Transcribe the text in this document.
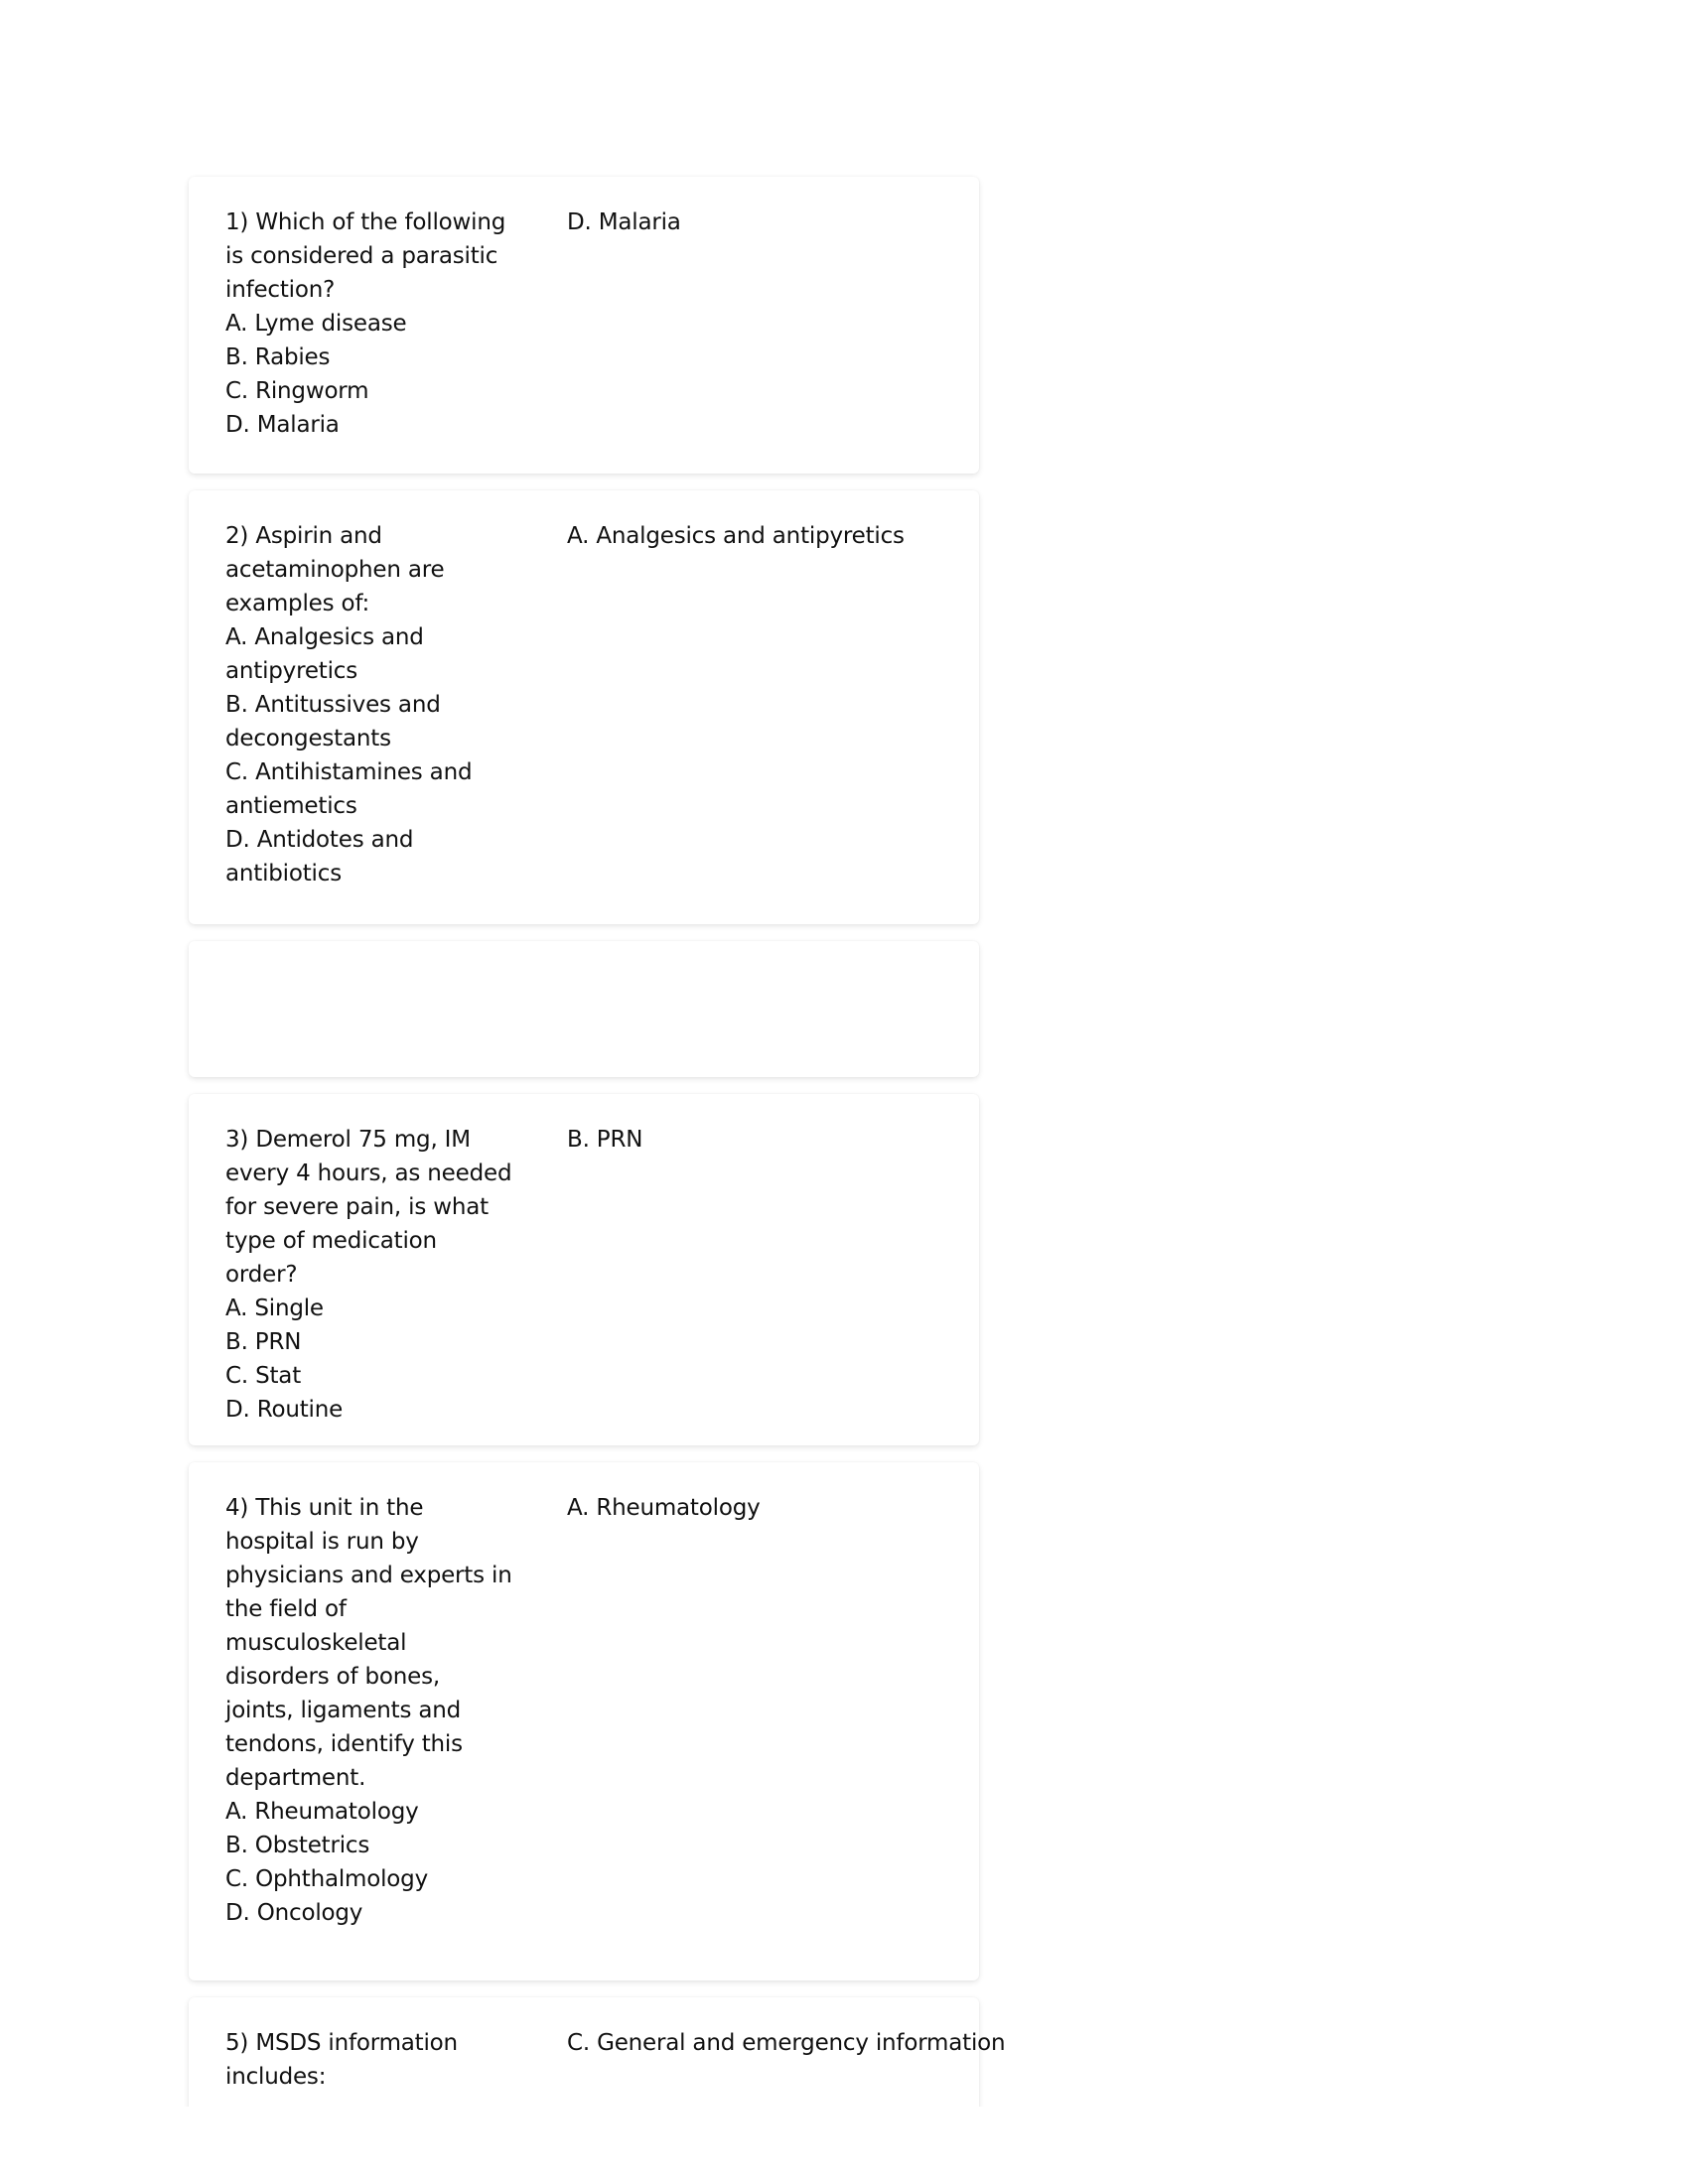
1) Which of the following
is considered a parasitic
infection?
A. Lyme disease
B. Rabies
C. Ringworm
D. Malaria
D. Malaria
2) Aspirin and
acetaminophen are
examples of:
A. Analgesics and
antipyretics
B. Antitussives and
decongestants
C. Antihistamines and
antiemetics
D. Antidotes and
antibiotics
A. Analgesics and antipyretics
3) Demerol 75 mg, IM
every 4 hours, as needed
for severe pain, is what
type of medication
order?
A. Single
B. PRN
C. Stat
D. Routine
B. PRN
4) This unit in the
hospital is run by
physicians and experts in
the field of
musculoskeletal
disorders of bones,
joints, ligaments and
tendons, identify this
department.
A. Rheumatology
B. Obstetrics
C. Ophthalmology
D. Oncology
A. Rheumatology
5) MSDS information
includes:
C. General and emergency information
